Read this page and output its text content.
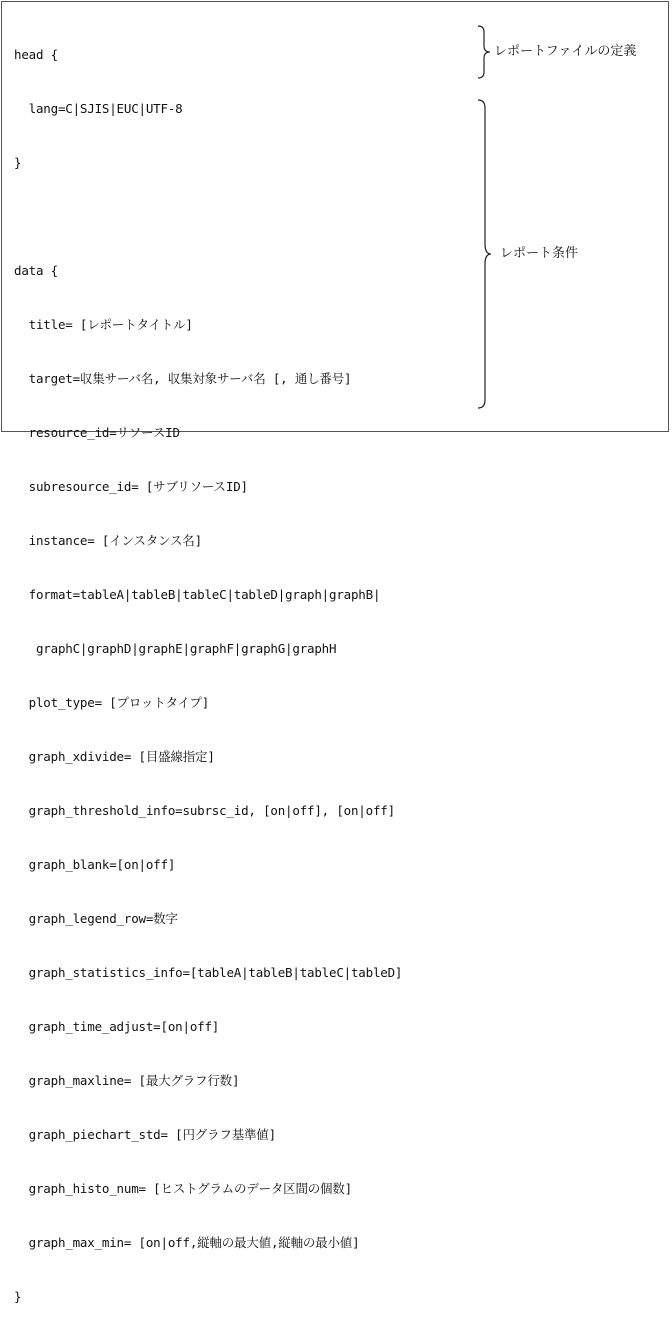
head {

lang=C|SJIS|EUC|UTF-8

}

data {

title= [レポートタイトル]

target=収集サーバ名, 収集対象サーバ名 [, 通し番号]

resource_id=リソースID

subresource_id= [サブリソースID]

instance= [インスタンス名]

format=tableA|tableB|tableC|tableD|graph|graphB|

graphC|graphD|graphE|graphF|graphG|graphH

plot_type= [プロットタイプ]

graph_xdivide= [目盛線指定]

graph_threshold_info=subrsc_id, [on|off], [on|off]

graph_blank=[on|off]

graph_legend_row=数字

graph_statistics_info=[tableA|tableB|tableC|tableD]

graph_time_adjust=[on|off]

graph_maxline= [最大グラフ行数]

graph_piechart_std= [円グラフ基準値]

graph_histo_num= [ヒストグラムのデータ区間の個数]

graph_max_min= [on|off,縦軸の最大値,縦軸の最小値]

}

レポートファイルの定義
レポート条件
